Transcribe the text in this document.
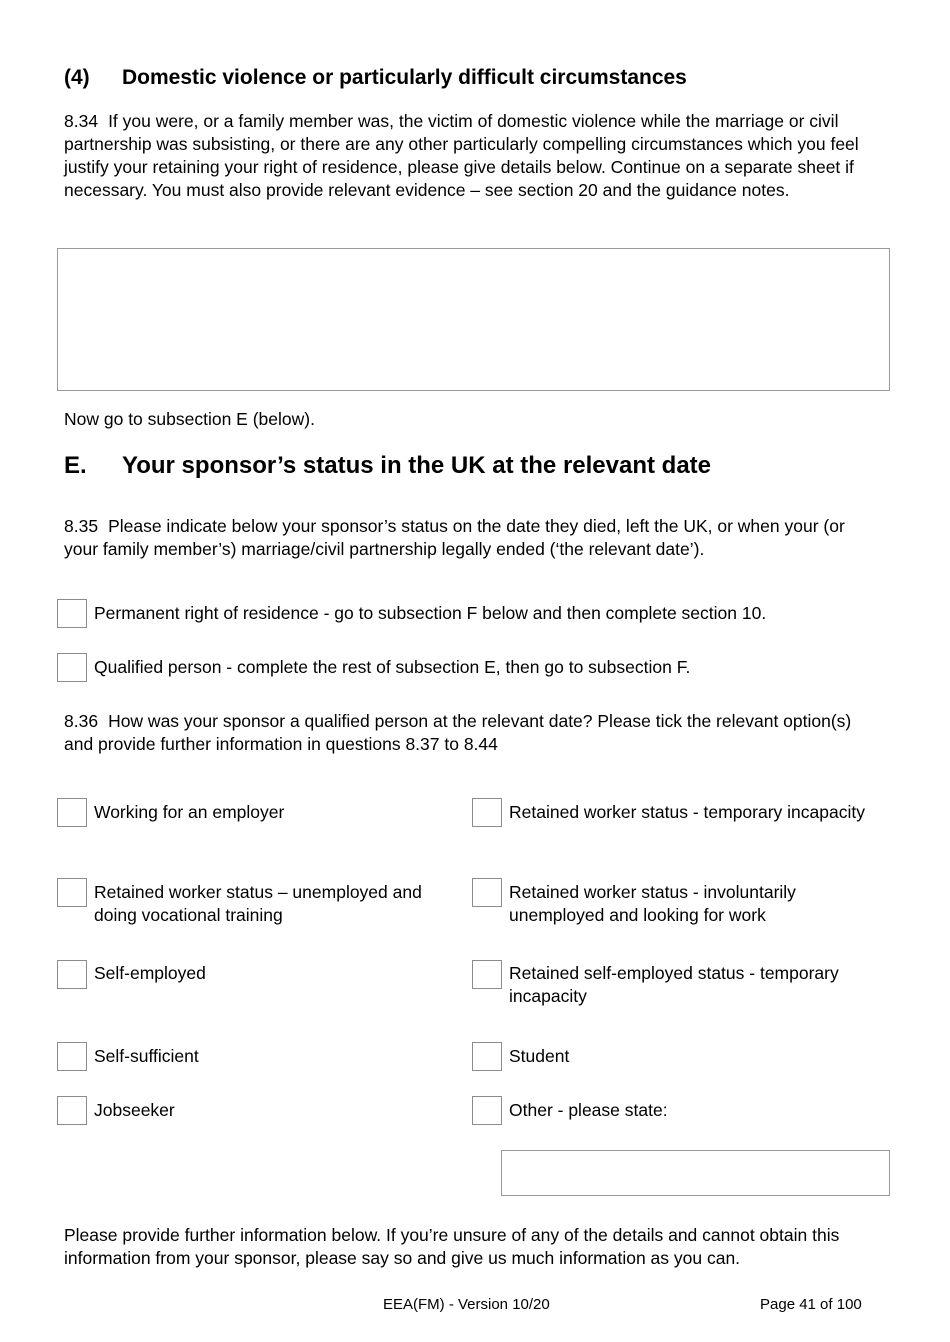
(4) Domestic violence or particularly difficult circumstances
8.34 If you were, or a family member was, the victim of domestic violence while the marriage or civil partnership was subsisting, or there are any other particularly compelling circumstances which you feel justify your retaining your right of residence, please give details below. Continue on a separate sheet if necessary. You must also provide relevant evidence – see section 20 and the guidance notes.
Now go to subsection E (below).
E. Your sponsor’s status in the UK at the relevant date
8.35 Please indicate below your sponsor’s status on the date they died, left the UK, or when your (or your family member’s) marriage/civil partnership legally ended (‘the relevant date’).
Permanent right of residence - go to subsection F below and then complete section 10.
Qualified person - complete the rest of subsection E, then go to subsection F.
8.36 How was your sponsor a qualified person at the relevant date? Please tick the relevant option(s) and provide further information in questions 8.37 to 8.44
Working for an employer
Retained worker status – unemployed and doing vocational training
Self-employed
Self-sufficient
Jobseeker
Retained worker status - temporary incapacity
Retained worker status - involuntarily unemployed and looking for work
Retained self-employed status - temporary incapacity
Student
Other - please state:
Please provide further information below. If you’re unsure of any of the details and cannot obtain this information from your sponsor, please say so and give us much information as you can.
EEA(FM) - Version 10/20	Page 41 of 100
